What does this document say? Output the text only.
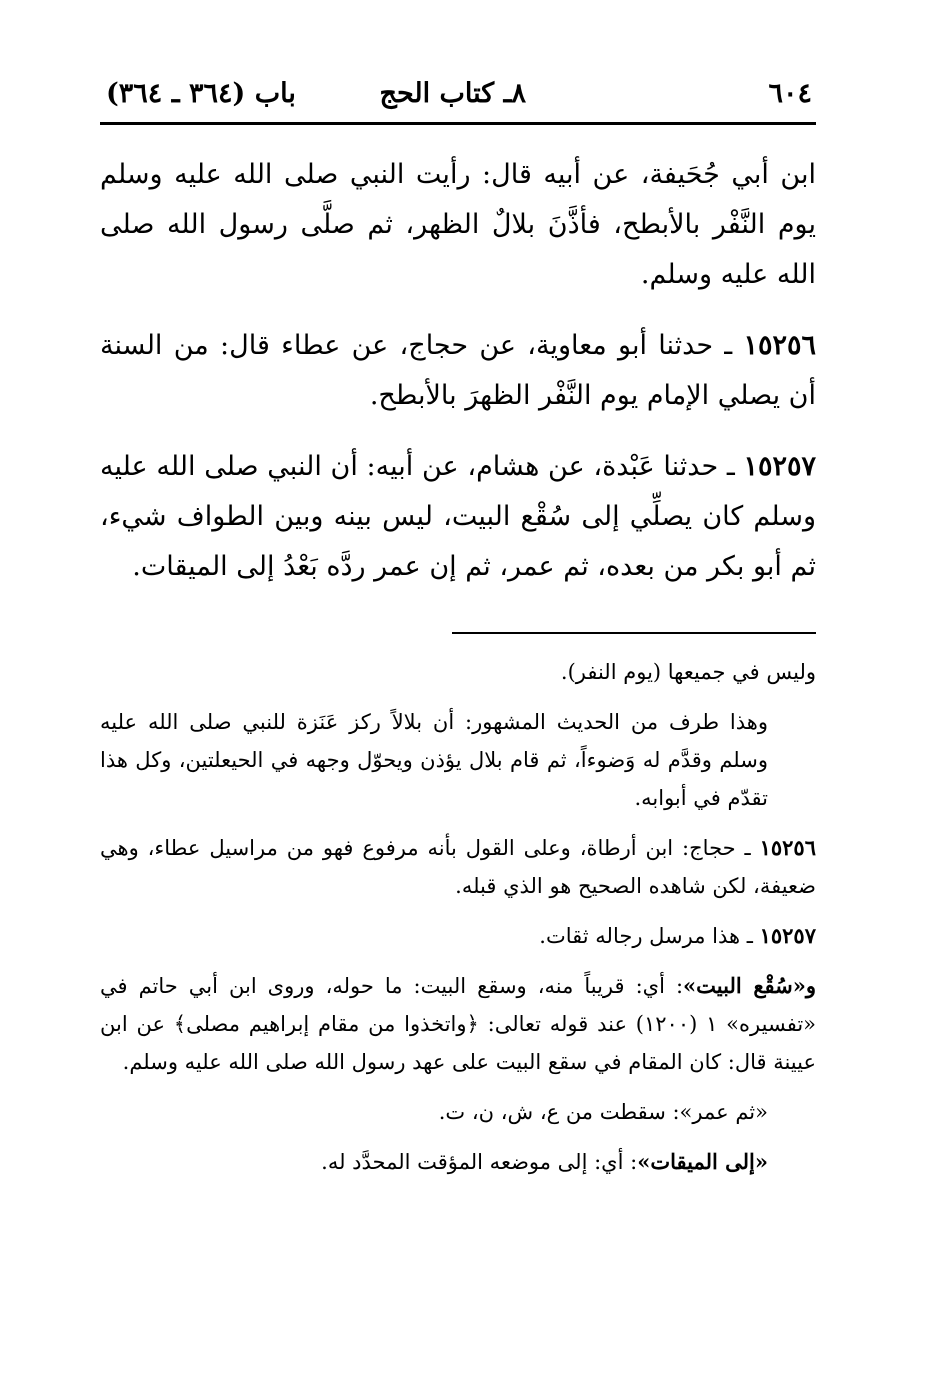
٦٠٤
٨ـ كتاب الحج
باب (٣٦٤ ـ ٣٦٤)

ابن أبي جُحَيفة، عن أبيه قال: رأيت النبي صلى الله عليه وسلم يوم النَّفْر بالأبطح، فأذَّنَ بلالٌ الظهر، ثم صلَّى رسول الله صلى الله عليه وسلم.

١٥٢٥٦ ـ حدثنا أبو معاوية، عن حجاج، عن عطاء قال: من السنة أن يصلي الإمام يوم النَّفْر الظهرَ بالأبطح.

١٥٢٥٧ ـ حدثنا عَبْدة، عن هشام، عن أبيه: أن النبي صلى الله عليه وسلم كان يصلِّي إلى سُقْع البيت، ليس بينه وبين الطواف شيء، ثم أبو بكر من بعده، ثم عمر، ثم إن عمر ردَّه بَعْدُ إلى الميقات.

وليس في جميعها (يوم النفر).

وهذا طرف من الحديث المشهور: أن بلالاً ركز عَنَزة للنبي صلى الله عليه وسلم وقدَّم له وَضوءاً، ثم قام بلال يؤذن ويحوّل وجهه في الحيعلتين، وكل هذا تقدّم في أبوابه.

١٥٢٥٦ ـ حجاج: ابن أرطاة، وعلى القول بأنه مرفوع فهو من مراسيل عطاء، وهي ضعيفة، لكن شاهده الصحيح هو الذي قبله.

١٥٢٥٧ ـ هذا مرسل رجاله ثقات.

و«سُقْع البيت»: أي: قريباً منه، وسقع البيت: ما حوله، وروى ابن أبي حاتم في «تفسيره» ١ (١٢٠٠) عند قوله تعالى: ﴿واتخذوا من مقام إبراهيم مصلى﴾ عن ابن عيينة قال: كان المقام في سقع البيت على عهد رسول الله صلى الله عليه وسلم.

«ثم عمر»: سقطت من ع، ش، ن، ت.

«إلى الميقات»: أي: إلى موضعه المؤقت المحدَّد له.
